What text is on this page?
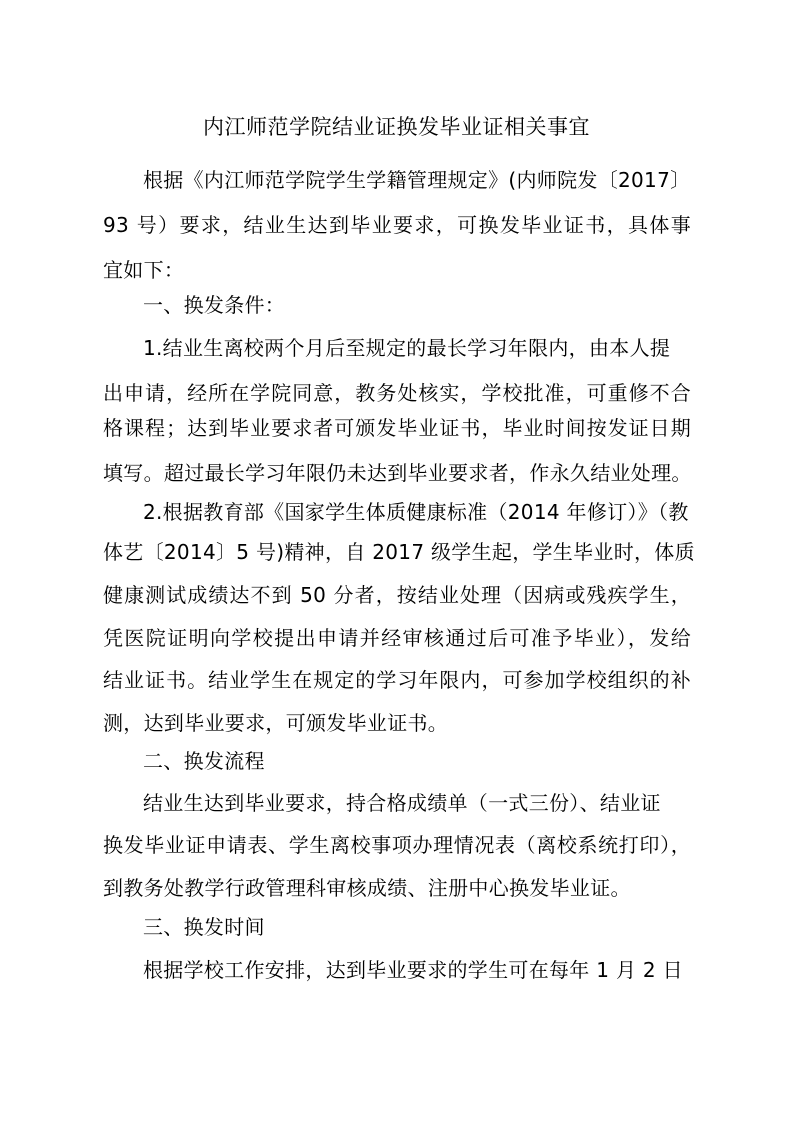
内江师范学院结业证换发毕业证相关事宜
根据《内江师范学院学生学籍管理规定》(内师院发〔2017〕
93 号）要求，结业生达到毕业要求，可换发毕业证书，具体事
宜如下：
一、换发条件：
1.结业生离校两个月后至规定的最长学习年限内，由本人提
出申请，经所在学院同意，教务处核实，学校批准，可重修不合
格课程；达到毕业要求者可颁发毕业证书，毕业时间按发证日期
填写。超过最长学习年限仍未达到毕业要求者，作永久结业处理。
2.根据教育部《国家学生体质健康标准（2014 年修订）》（教
体艺〔2014〕5 号)精神，自 2017 级学生起，学生毕业时，体质
健康测试成绩达不到 50 分者，按结业处理（因病或残疾学生，
凭医院证明向学校提出申请并经审核通过后可准予毕业），发给
结业证书。结业学生在规定的学习年限内，可参加学校组织的补
测，达到毕业要求，可颁发毕业证书。
二、换发流程
结业生达到毕业要求，持合格成绩单（一式三份）、结业证
换发毕业证申请表、学生离校事项办理情况表（离校系统打印），
到教务处教学行政管理科审核成绩、注册中心换发毕业证。
三、换发时间
根据学校工作安排，达到毕业要求的学生可在每年 1 月 2 日
